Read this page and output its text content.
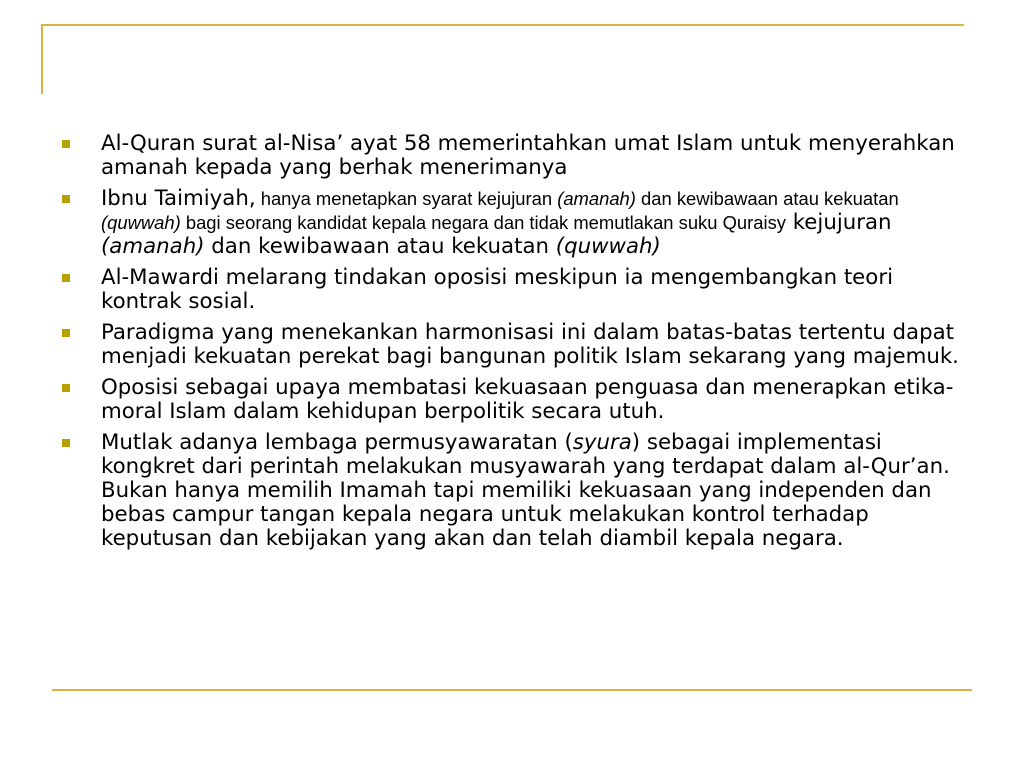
Al-Quran surat al-Nisa’ ayat 58 memerintahkan umat Islam untuk menyerahkan amanah kepada yang berhak menerimanya
Ibnu Taimiyah, hanya menetapkan syarat kejujuran (amanah) dan kewibawaan atau kekuatan (quwwah) bagi seorang kandidat kepala negara dan tidak memutlakan suku Quraisy kejujuran (amanah) dan kewibawaan atau kekuatan (quwwah)
Al-Mawardi melarang tindakan oposisi meskipun ia mengembangkan teori kontrak sosial.
Paradigma yang menekankan harmonisasi ini dalam batas-batas tertentu dapat menjadi kekuatan perekat bagi bangunan politik Islam sekarang yang majemuk.
Oposisi sebagai upaya membatasi kekuasaan penguasa dan menerapkan etika-moral Islam dalam kehidupan berpolitik secara utuh.
Mutlak adanya lembaga permusyawaratan (syura) sebagai implementasi kongkret dari perintah melakukan musyawarah yang terdapat dalam al-Qur’an. Bukan hanya memilih Imamah tapi memiliki kekuasaan yang independen dan bebas campur tangan kepala negara untuk melakukan kontrol terhadap keputusan dan kebijakan yang akan dan telah diambil kepala negara.
